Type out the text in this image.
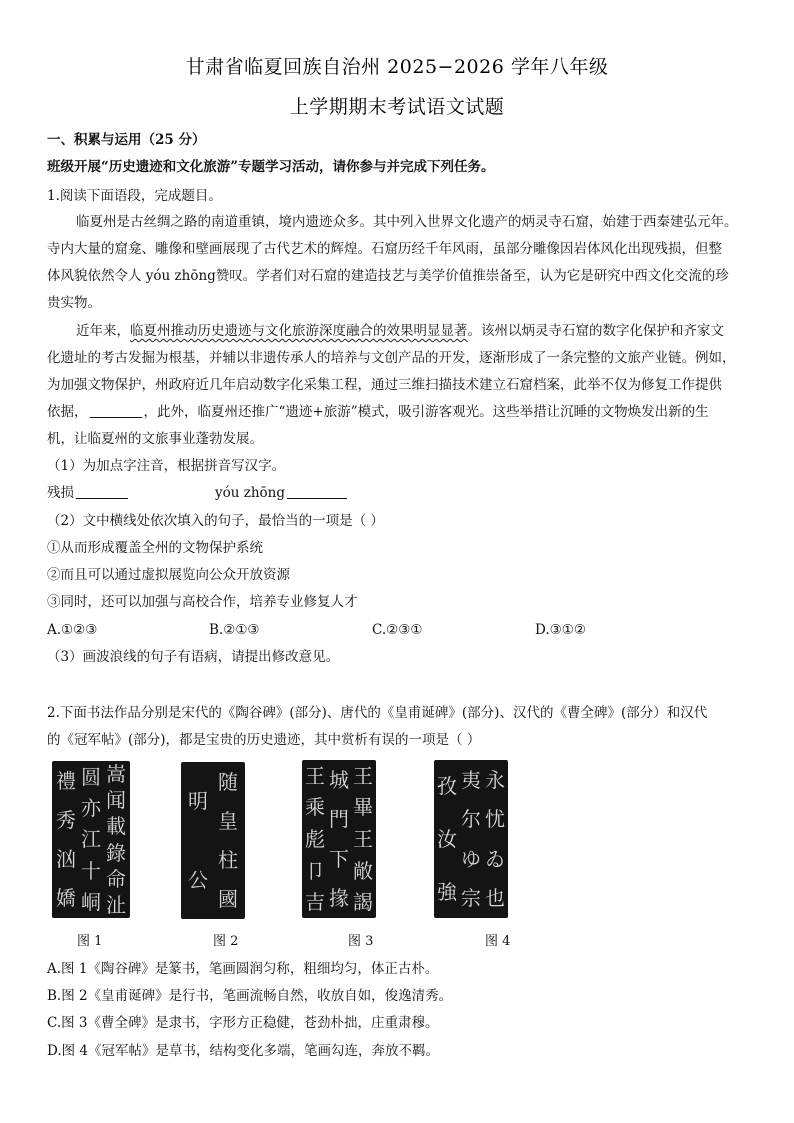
甘肃省临夏回族自治州 2025−2026 学年八年级
上学期期末考试语文试题
一、积累与运用（25 分）
班级开展“历史遗迹和文化旅游”专题学习活动，请你参与并完成下列任务。
1.阅读下面语段，完成题目。
临夏州是古丝绸之路的南道重镇，境内遗迹众多。其中列入世界文化遗产的炳灵寺石窟，始建于西秦建弘元年。
寺内大量的窟龛、雕像和壁画展现了古代艺术的辉煌。石窟历经千年风雨，虽部分雕像因岩体风化出现残损，但整
体风貌依然令人 yóu zhōng赞叹。学者们对石窟的建造技艺与美学价值推崇备至，认为它是研究中西文化交流的珍
贵实物。
近年来，临夏州推动历史遗迹与文化旅游深度融合的效果明显显著。该州以炳灵寺石窟的数字化保护和齐家文
化遗址的考古发掘为根基，并辅以非遗传承人的培养与文创产品的开发，逐渐形成了一条完整的文旅产业链。例如，
为加强文物保护，州政府近几年启动数字化采集工程，通过三维扫描技术建立石窟档案，此举不仅为修复工作提供
依据，	，此外，临夏州还推广“遗迹+旅游”模式，吸引游客观光。这些举措让沉睡的文物焕发出新的生
机，让临夏州的文旅事业蓬勃发展。
（1）为加点字注音，根据拼音写汉字。
残损	yóu zhōng
（2）文中横线处依次填入的句子，最恰当的一项是（ ）
①从而形成覆盖全州的文物保护系统
②而且可以通过虚拟展览向公众开放资源
③同时，还可以加强与高校合作，培养专业修复人才
A.①②③	B.②①③	C.②③①	D.③①②
（3）画波浪线的句子有语病，请提出修改意见。
2.下面书法作品分别是宋代的《陶谷碑》(部分)、唐代的《皇甫诞碑》(部分)、汉代的《曹全碑》(部分）和汉代
的《冠军帖》(部分)，都是宝贵的历史遗迹，其中赏析有误的一项是（ ）
禮
秀
汹
嬌
圆
亦
江
十
峒
嵩
闻
載
錄
命
沚
图 1
明
公
随
皇
柱
國
图 2
王
乘
彪
卩
吉
城
門
下
掾
王
畢
王
敞
謁
图 3
孜
汝
強
夷
尔
ゆ
宗
永
忧
ゐ
也
图 4
A.图 1《陶谷碑》是篆书，笔画圆润匀称，粗细均匀，体正古朴。
B.图 2《皇甫诞碑》是行书，笔画流畅自然，收放自如，俊逸清秀。
C.图 3《曹全碑》是隶书，字形方正稳健，苍劲朴拙，庄重肃穆。
D.图 4《冠军帖》是草书，结构变化多端，笔画勾连，奔放不羁。
